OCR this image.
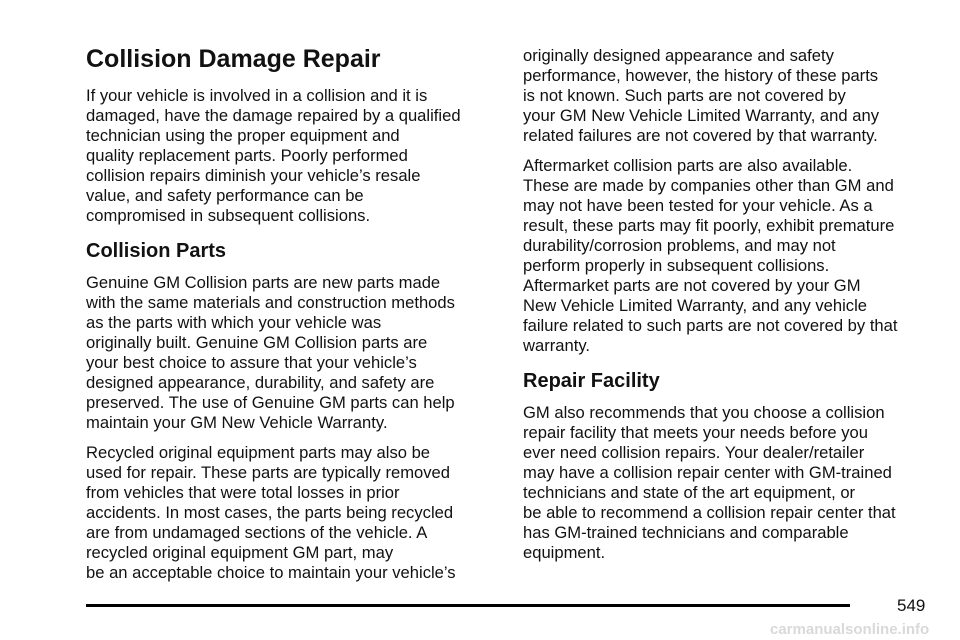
Collision Damage Repair

If your vehicle is involved in a collision and it is
damaged, have the damage repaired by a qualified
technician using the proper equipment and
quality replacement parts. Poorly performed
collision repairs diminish your vehicle’s resale
value, and safety performance can be
compromised in subsequent collisions.

Collision Parts

Genuine GM Collision parts are new parts made
with the same materials and construction methods
as the parts with which your vehicle was
originally built. Genuine GM Collision parts are
your best choice to assure that your vehicle’s
designed appearance, durability, and safety are
preserved. The use of Genuine GM parts can help
maintain your GM New Vehicle Warranty.

Recycled original equipment parts may also be
used for repair. These parts are typically removed
from vehicles that were total losses in prior
accidents. In most cases, the parts being recycled
are from undamaged sections of the vehicle. A
recycled original equipment GM part, may
be an acceptable choice to maintain your vehicle’s

originally designed appearance and safety
performance, however, the history of these parts
is not known. Such parts are not covered by
your GM New Vehicle Limited Warranty, and any
related failures are not covered by that warranty.

Aftermarket collision parts are also available.
These are made by companies other than GM and
may not have been tested for your vehicle. As a
result, these parts may fit poorly, exhibit premature
durability/corrosion problems, and may not
perform properly in subsequent collisions.
Aftermarket parts are not covered by your GM
New Vehicle Limited Warranty, and any vehicle
failure related to such parts are not covered by that
warranty.

Repair Facility

GM also recommends that you choose a collision
repair facility that meets your needs before you
ever need collision repairs. Your dealer/retailer
may have a collision repair center with GM-trained
technicians and state of the art equipment, or
be able to recommend a collision repair center that
has GM-trained technicians and comparable
equipment.

549
carmanualsonline.info
